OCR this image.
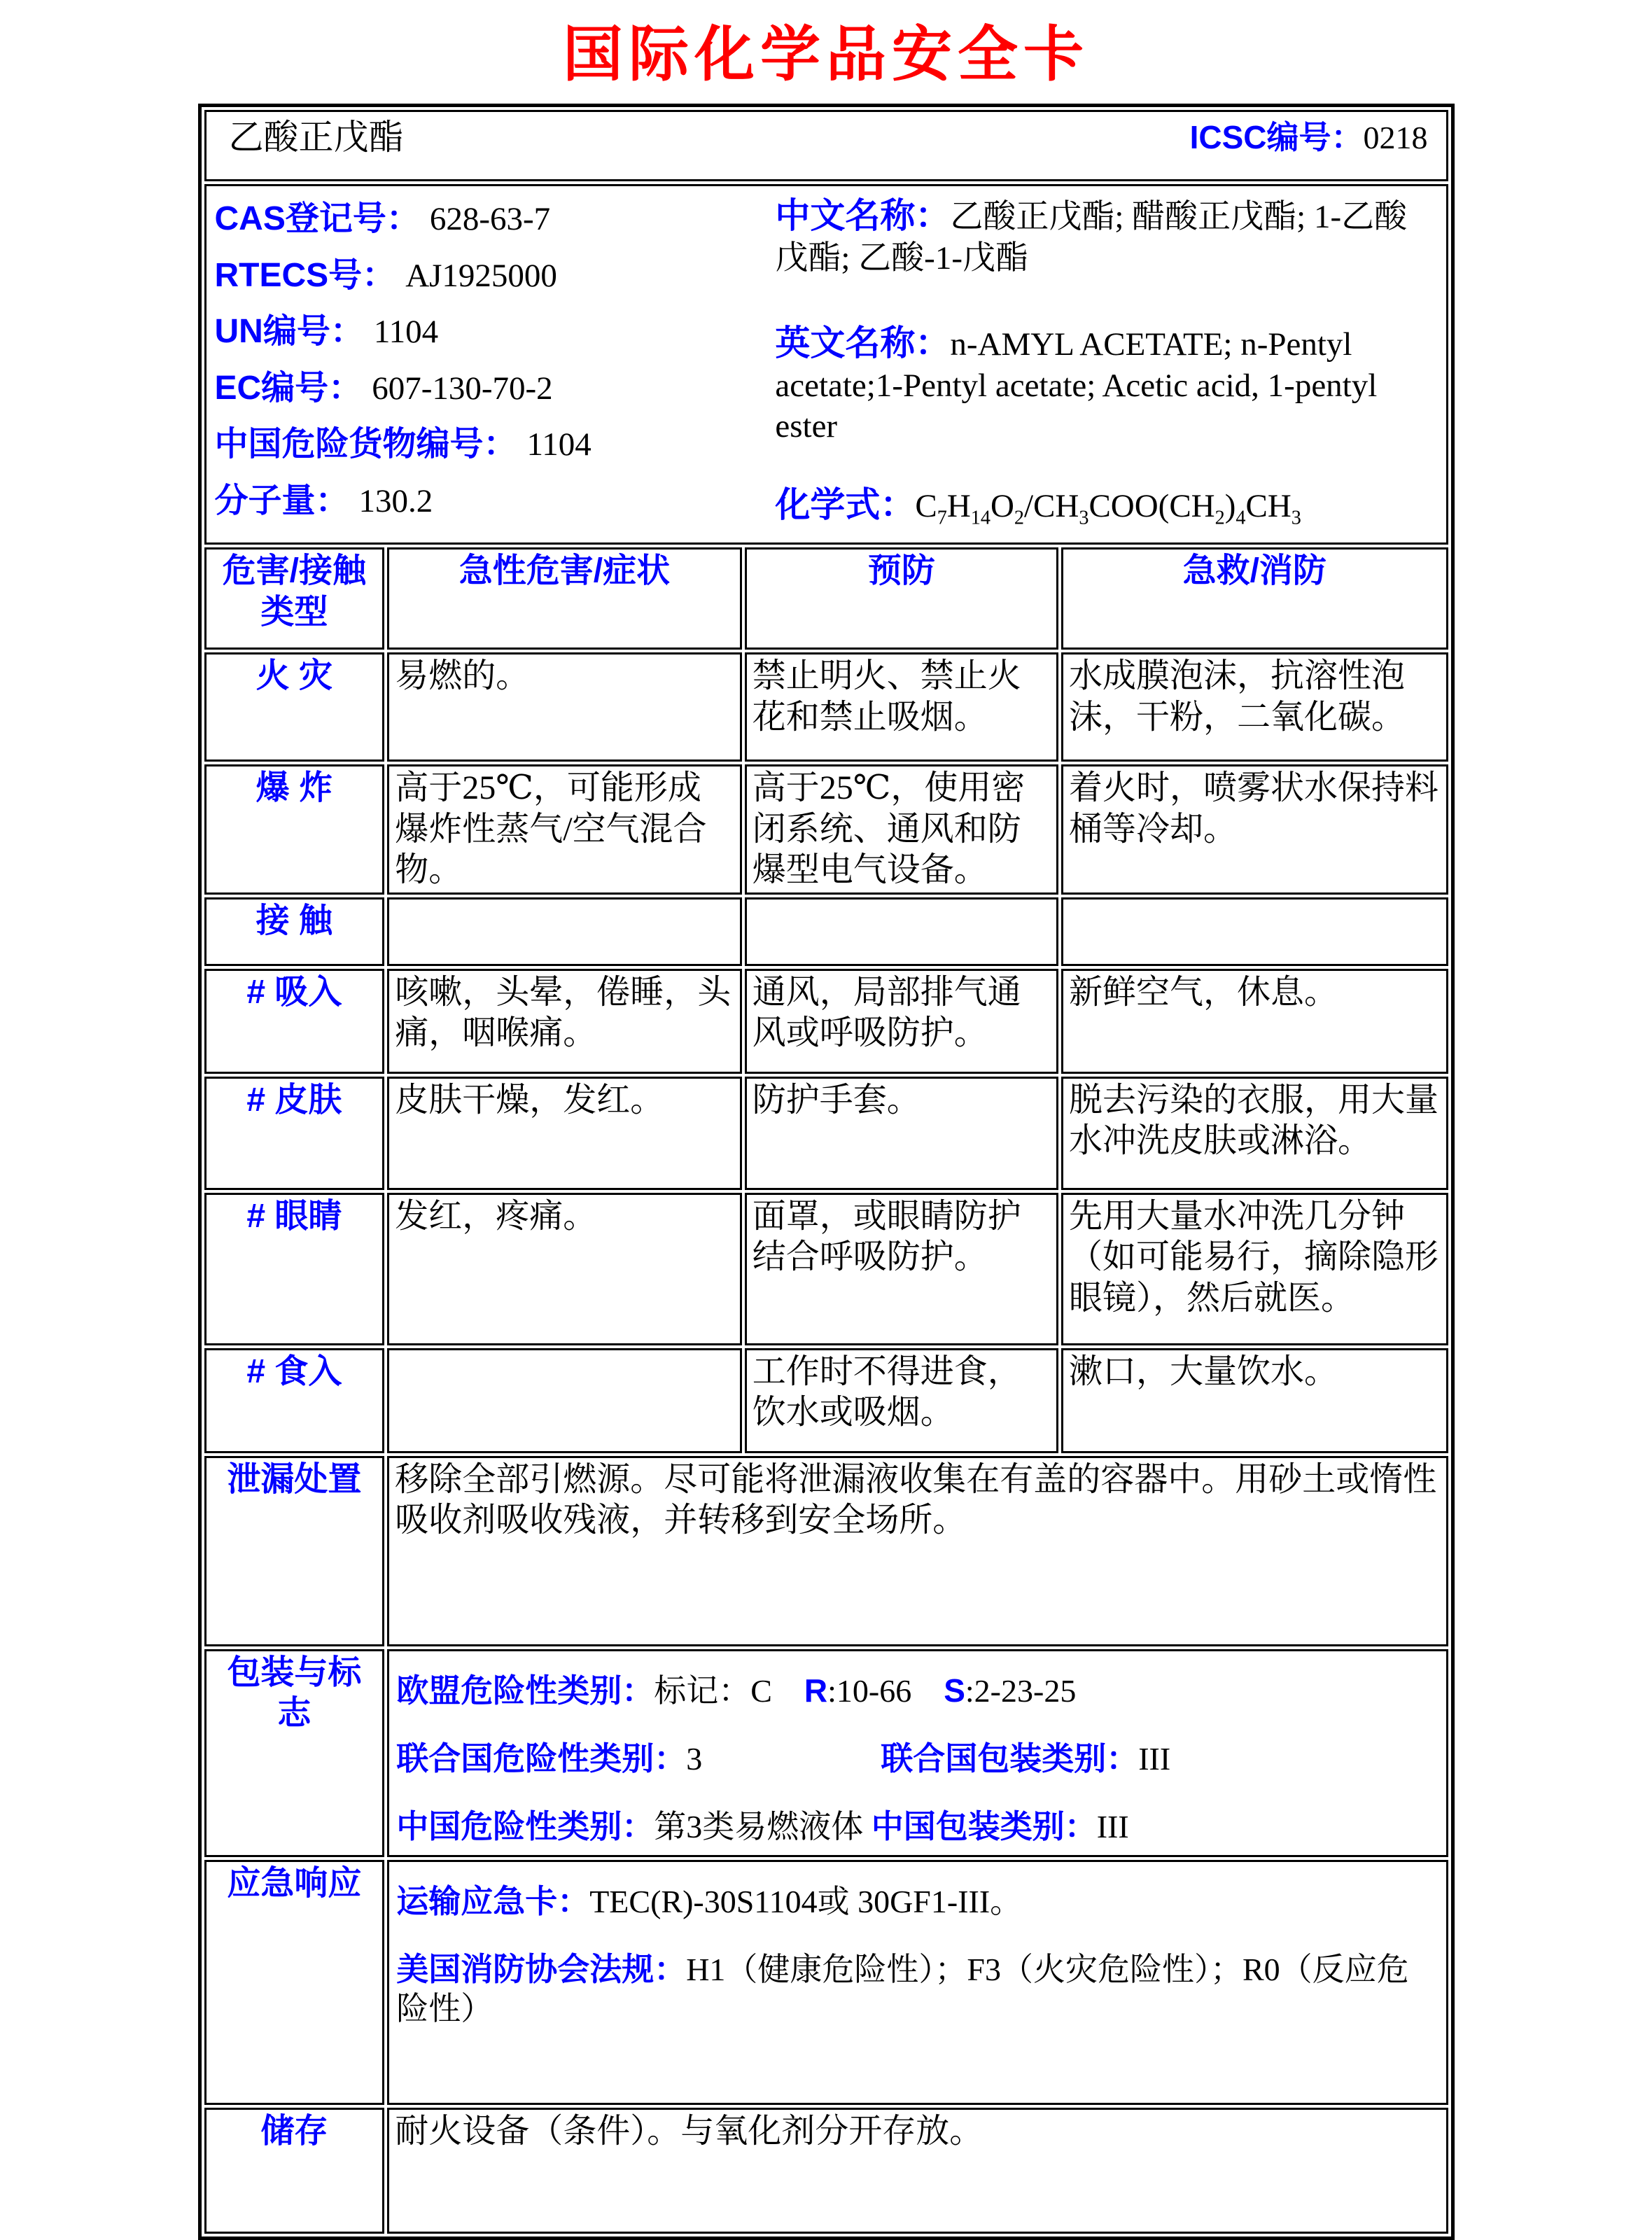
国际化学品安全卡
乙酸正戊酯 ICSC编号：0218			

CAS登记号： 628-63-7
RTECS号： AJ1925000
UN编号： 1104
EC编号： 607-130-70-2
中国危险货物编号： 1104
分子量： 130.2
中文名称：乙酸正戊酯; 醋酸正戊酯; 1-乙酸戊酯; 乙酸-1-戊酯
英文名称：n-AMYL ACETATE; n-Pentyl acetate;1-Pentyl acetate; Acetic acid, 1-pentyl ester
化学式：$C_7H_{14}O_2/CH_3COO(CH_2)_4CH_3$

危害/接触类型	急性危害/症状	预防	急救/消防
火 灾	易燃的。	禁止明火、禁止火花和禁止吸烟。	水成膜泡沫，抗溶性泡沫，干粉，二氧化碳。
爆 炸	高于25℃，可能形成爆炸性蒸气/空气混合物。	高于25℃，使用密闭系统、通风和防爆型电气设备。	着火时，喷雾状水保持料桶等冷却。
接 触			
# 吸入	咳嗽，头晕，倦睡，头痛，咽喉痛。	通风，局部排气通风或呼吸防护。	新鲜空气，休息。
# 皮肤	皮肤干燥，发红。	防护手套。	脱去污染的衣服，用大量水冲洗皮肤或淋浴。
# 眼睛	发红，疼痛。	面罩，或眼睛防护结合呼吸防护。	先用大量水冲洗几分钟（如可能易行，摘除隐形眼镜），然后就医。
# 食入		工作时不得进食，饮水或吸烟。	漱口，大量饮水。
泄漏处置	移除全部引燃源。尽可能将泄漏液收集在有盖的容器中。用砂土或惰性吸收剂吸收残液，并转移到安全场所。		
包装与标志	欧盟危险性类别：标记：C    R:10-66    S:2-23-25
联合国危险性类别：3 联合国包装类别：III
中国危险性类别：第3类易燃液体 中国包装类别：III		

应急响应	运输应急卡：TEC(R)-30S1104或 30GF1-III。
美国消防协会法规：H1（健康危险性）；F3（火灾危险性）；R0（反应危险性）		

储存	耐火设备（条件）。与氧化剂分开存放。		
